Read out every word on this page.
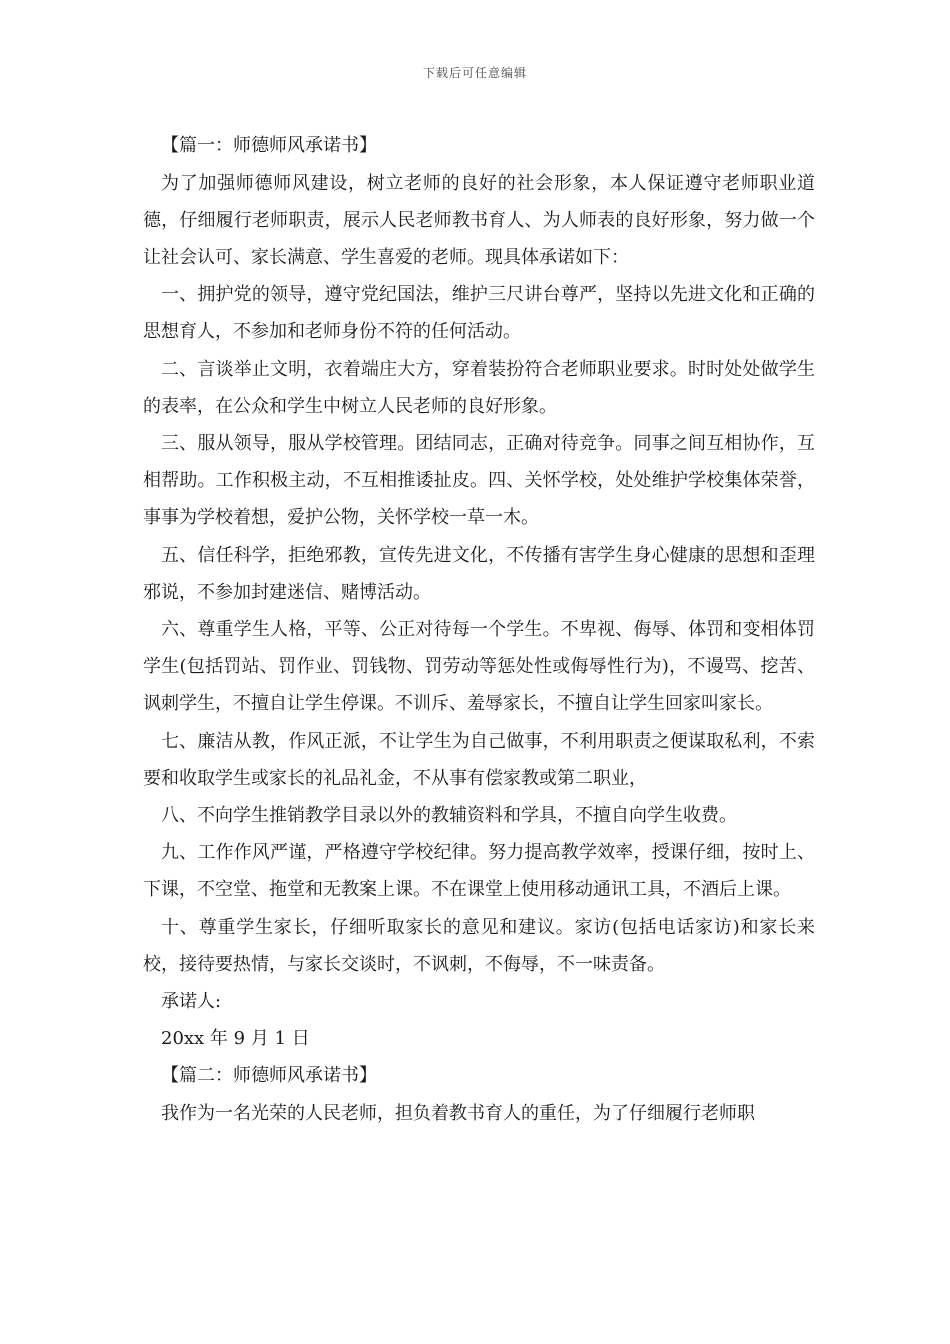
下载后可任意编辑

【篇一：师德师风承诺书】

为了加强师德师风建设，树立老师的良好的社会形象，本人保证遵守老师职业道德，仔细履行老师职责，展示人民老师教书育人、为人师表的良好形象，努力做一个让社会认可、家长满意、学生喜爱的老师。现具体承诺如下：

一、拥护党的领导，遵守党纪国法，维护三尺讲台尊严，坚持以先进文化和正确的思想育人，不参加和老师身份不符的任何活动。

二、言谈举止文明，衣着端庄大方，穿着装扮符合老师职业要求。时时处处做学生的表率，在公众和学生中树立人民老师的良好形象。

三、服从领导，服从学校管理。团结同志，正确对待竞争。同事之间互相协作，互相帮助。工作积极主动，不互相推诿扯皮。四、关怀学校，处处维护学校集体荣誉，事事为学校着想，爱护公物，关怀学校一草一木。

五、信任科学，拒绝邪教，宣传先进文化，不传播有害学生身心健康的思想和歪理邪说，不参加封建迷信、赌博活动。

六、尊重学生人格，平等、公正对待每一个学生。不卑视、侮辱、体罚和变相体罚学生(包括罚站、罚作业、罚钱物、罚劳动等惩处性或侮辱性行为)，不谩骂、挖苦、讽刺学生，不擅自让学生停课。不训斥、羞辱家长，不擅自让学生回家叫家长。

七、廉洁从教，作风正派，不让学生为自己做事，不利用职责之便谋取私利，不索要和收取学生或家长的礼品礼金，不从事有偿家教或第二职业，

八、不向学生推销教学目录以外的教辅资料和学具，不擅自向学生收费。

九、工作作风严谨，严格遵守学校纪律。努力提高教学效率，授课仔细，按时上、下课，不空堂、拖堂和无教案上课。不在课堂上使用移动通讯工具，不酒后上课。

十、尊重学生家长，仔细听取家长的意见和建议。家访(包括电话家访)和家长来校，接待要热情，与家长交谈时，不讽刺，不侮辱，不一味责备。

承诺人:

20xx 年 9 月 1 日

【篇二：师德师风承诺书】

我作为一名光荣的人民老师，担负着教书育人的重任，为了仔细履行老师职
